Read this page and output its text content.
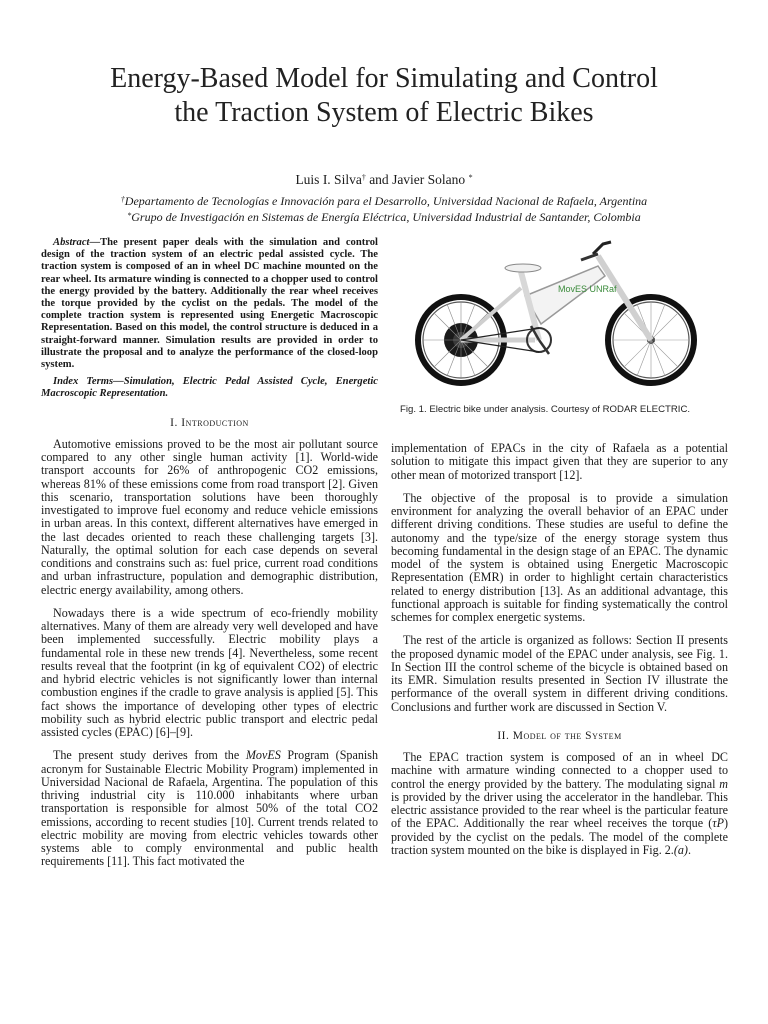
Energy-Based Model for Simulating and Control
the Traction System of Electric Bikes
Luis I. Silva† and Javier Solano *
†Departamento de Tecnologías e Innovación para el Desarrollo, Universidad Nacional de Rafaela, Argentina
*Grupo de Investigación en Sistemas de Energía Eléctrica, Universidad Industrial de Santander, Colombia

Abstract—The present paper deals with the simulation and control design of the traction system of an electric pedal assisted cycle. The traction system is composed of an in wheel DC machine mounted on the rear wheel. Its armature winding is connected to a chopper used to control the energy provided by the battery. Additionally the rear wheel receives the torque provided by the cyclist on the pedals. The model of the complete traction system is represented using Energetic Macroscopic Representation. Based on this model, the control structure is deduced in a straight-forward manner. Simulation results are provided in order to illustrate the proposal and to analyze the performance of the closed-loop system.

Index Terms—Simulation, Electric Pedal Assisted Cycle, Energetic Macroscopic Representation.

I. Introduction

Automotive emissions proved to be the most air pollutant source compared to any other single human activity [1]. World-wide transport accounts for 26% of anthropogenic CO2 emissions, whereas 81% of these emissions come from road transport [2]. Given this scenario, transportation solutions have been thoroughly investigated to improve fuel economy and reduce vehicle emissions in urban areas. In this context, different alternatives have emerged in the last decades oriented to reach these challenging targets [3]. Naturally, the optimal solution for each case depends on several conditions and constrains such as: fuel price, current road conditions and urban infrastructure, population and demographic distribution, electric energy availability, among others.

Nowadays there is a wide spectrum of eco-friendly mobility alternatives. Many of them are already very well developed and have been implemented successfully. Electric mobility plays a fundamental role in these new trends [4]. Nevertheless, some recent results reveal that the footprint (in kg of equivalent CO2) of electric and hybrid electric vehicles is not significantly lower than internal combustion engines if the cradle to grave analysis is applied [5]. This fact shows the importance of developing other types of electric mobility such as hybrid electric public transport and electric pedal assisted cycles (EPAC) [6]–[9].

The present study derives from the MovES Program (Spanish acronym for Sustainable Electric Mobility Program) implemented in Universidad Nacional de Rafaela, Argentina. The population of this thriving industrial city is 110.000 inhabitants where urban transportation is responsible for almost 50% of the total CO2 emissions, according to recent studies [10]. Current trends related to electric mobility are moving from electric vehicles towards other systems able to comply environmental and public health requirements [11]. This fact motivated the

MovES UNRaf
Fig. 1. Electric bike under analysis. Courtesy of RODAR ELECTRIC.

implementation of EPACs in the city of Rafaela as a potential solution to mitigate this impact given that they are superior to any other mean of motorized transport [12].

The objective of the proposal is to provide a simulation environment for analyzing the overall behavior of an EPAC under different driving conditions. These studies are useful to define the autonomy and the type/size of the energy storage system thus becoming fundamental in the design stage of an EPAC. The dynamic model of the system is obtained using Energetic Macroscopic Representation (EMR) in order to highlight certain characteristics related to energy distribution [13]. As an additional advantage, this functional approach is suitable for finding systematically the control schemes for complex energetic systems.

The rest of the article is organized as follows: Section II presents the proposed dynamic model of the EPAC under analysis, see Fig. 1. In Section III the control scheme of the bicycle is obtained based on its EMR. Simulation results presented in Section IV illustrate the performance of the overall system in different driving conditions. Conclusions and further work are discussed in Section V.

II. Model of the System

The EPAC traction system is composed of an in wheel DC machine with armature winding connected to a chopper used to control the energy provided by the battery. The modulating signal m is provided by the driver using the accelerator in the handlebar. This electric assistance provided to the rear wheel is the particular feature of the EPAC. Additionally the rear wheel receives the torque (τP) provided by the cyclist on the pedals. The model of the complete traction system mounted on the bike is displayed in Fig. 2.(a).
